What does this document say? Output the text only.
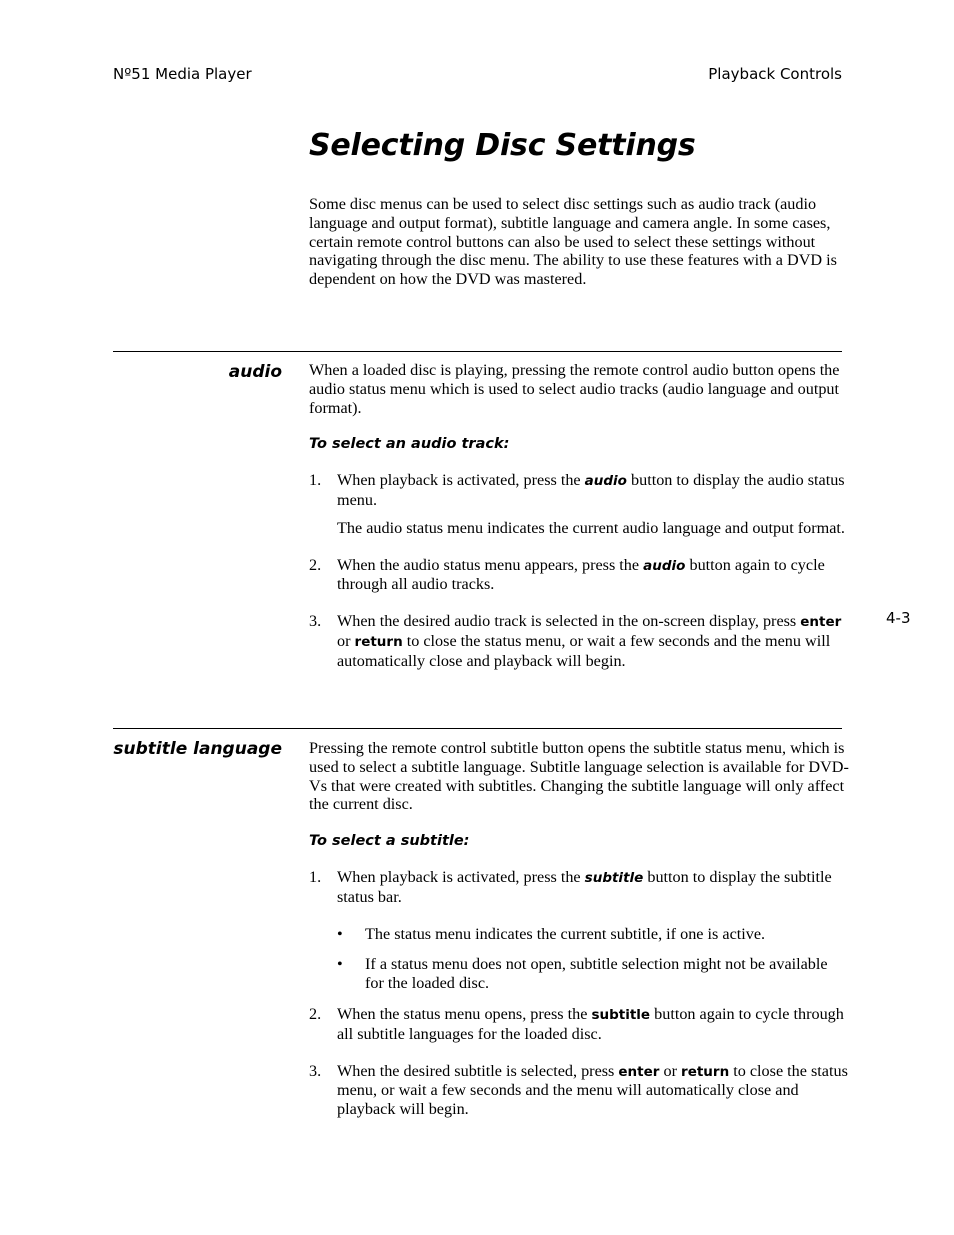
Nº51 Media Player	Playback Controls
4-3
Selecting Disc Settings

Some disc menus can be used to select disc settings such as audio track (audio language and output format), subtitle language and camera angle. In some cases, certain remote control buttons can also be used to select these settings without navigating through the disc menu. The ability to use these features with a DVD is dependent on how the DVD was mastered.

audio When a loaded disc is playing, pressing the remote control audio button opens the audio status menu which is used to select audio tracks (audio language and output format).

To select an audio track:

1. When playback is activated, press the audio button to display the audio status menu.

The audio status menu indicates the current audio language and output format.

2. When the audio status menu appears, press the audio button again to cycle through all audio tracks.

3. When the desired audio track is selected in the on-screen display, press enter or return to close the status menu, or wait a few seconds and the menu will automatically close and playback will begin.

subtitle language Pressing the remote control subtitle button opens the subtitle status menu, which is used to select a subtitle language. Subtitle language selection is available for DVD-Vs that were created with subtitles. Changing the subtitle language will only affect the current disc.

To select a subtitle:

1. When playback is activated, press the subtitle button to display the subtitle status bar.

• The status menu indicates the current subtitle, if one is active.

• If a status menu does not open, subtitle selection might not be available for the loaded disc.

2. When the status menu opens, press the subtitle button again to cycle through all subtitle languages for the loaded disc.

3. When the desired subtitle is selected, press enter or return to close the status menu, or wait a few seconds and the menu will automatically close and playback will begin.
